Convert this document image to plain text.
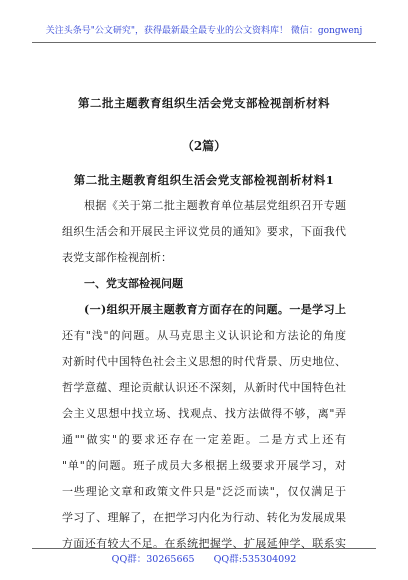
关注头条号"公文研究"，获得最新最全最专业的公文资料库！ 微信：gongwenj
第二批主题教育组织生活会党支部检视剖析材料
（2篇）
第二批主题教育组织生活会党支部检视剖析材料1
根据《关于第二批主题教育单位基层党组织召开专题
组织生活会和开展民主评议党员的通知》要求，下面我代
表党支部作检视剖析：
一、党支部检视问题
(一)组织开展主题教育方面存在的问题。一是学习上
还有"浅"的问题。从马克思主义认识论和方法论的角度
对新时代中国特色社会主义思想的时代背景、历史地位、
哲学意蕴、理论贡献认识还不深刻，从新时代中国特色社
会主义思想中找立场、找观点、找方法做得不够，离"弄
通""做实"的要求还存在一定差距。二是方式上还有
"单"的问题。班子成员大多根据上级要求开展学习，对
一些理论文章和政策文件只是"泛泛而读"，仅仅满足于
学习了、理解了，在把学习内化为行动、转化为发展成果
方面还有较大不足。在系统把握学、扩展延伸学、联系实
QQ群：30265665 QQ群:535304092
